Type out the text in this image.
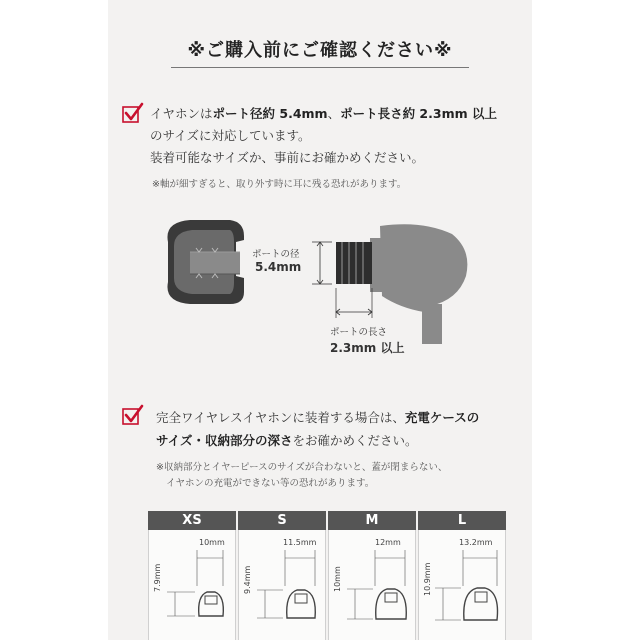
※ご購入前にご確認ください※
イヤホンはポート径約 5.4mm、ポート長さ約 2.3mm 以上
のサイズに対応しています。
装着可能なサイズか、事前にお確かめください。
※軸が細すぎると、取り外す時に耳に残る恐れがあります。
ポートの径
5.4mm
ポートの長さ
2.3mm 以上
完全ワイヤレスイヤホンに装着する場合は、充電ケースの
サイズ・収納部分の深さをお確かめください。
※収納部分とイヤーピースのサイズが合わないと、蓋が閉まらない、
イヤホンの充電ができない等の恐れがあります。
XS
10mm
7.9mm
S
11.5mm
9.4mm
M
12mm
10mm
L
13.2mm
10.9mm
